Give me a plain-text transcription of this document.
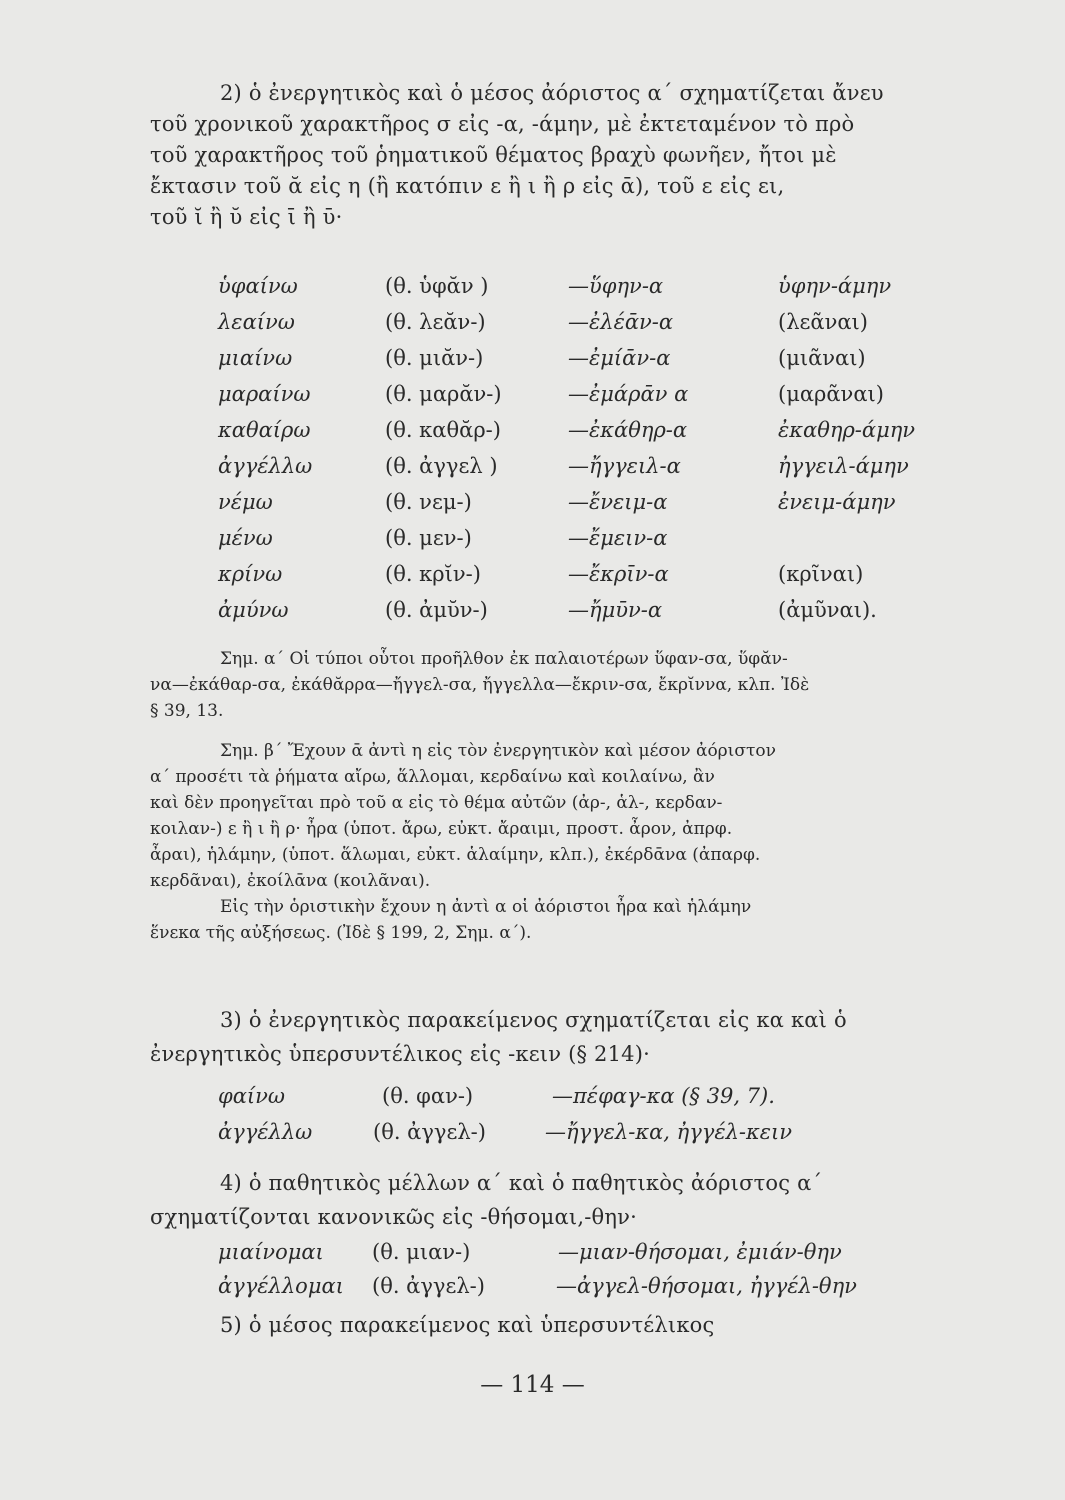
2) ὁ ἐνεργητικὸς καὶ ὁ μέσος ἀόριστος α΄ σχηματίζεται ἄνευ

τοῦ χρονικοῦ χαρακτῆρος σ εἰς -α, -άμην, μὲ ἐκτεταμένον τὸ πρὸ

τοῦ χαρακτῆρος τοῦ ῥηματικοῦ θέματος βραχὺ φωνῆεν, ἤτοι μὲ

ἔκτασιν τοῦ ᾰ εἰς η (ἢ κατόπιν ε ἢ ι ἢ ρ εἰς ᾱ), τοῦ ε εἰς ει,

τοῦ ῐ ἢ ῠ εἰς ῑ ἢ ῡ·

ὑφαίνω	(θ. ὑφᾰν )	—ὕφην-α	ὑφην-άμην
λεαίνω	(θ. λεᾰν-)	—ἐλέᾱν-α	(λεᾶναι)
μιαίνω	(θ. μιᾰν-)	—ἐμίᾱν-α	(μιᾶναι)
μαραίνω	(θ. μαρᾰν-)	—ἐμάρᾱν α	(μαρᾶναι)
καθαίρω	(θ. καθᾰρ-)	—ἐκάθηρ-α	ἐκαθηρ-άμην
ἀγγέλλω	(θ. ἀγγελ )	—ἤγγειλ-α	ἠγγειλ-άμην
νέμω	(θ. νεμ-)	—ἔνειμ-α	ἐνειμ-άμην
μένω	(θ. μεν-)	—ἔμειν-α
κρίνω	(θ. κρῐν-)	—ἔκρῑν-α	(κρῖναι)
ἀμύνω	(θ. ἀμῠν-)	—ἤμῡν-α	(ἀμῦναι).

Σημ. α΄ Οἱ τύποι οὗτοι προῆλθον ἐκ παλαιοτέρων ὕφαν-σα, ὕφᾰν-

να—ἐκάθαρ-σα, ἐκάθᾰρρα—ἤγγελ-σα, ἤγγελλα—ἔκριν-σα, ἔκρῐννα, κλπ. Ἰδὲ

§ 39, 13.

Σημ. β΄ Ἔχουν ᾱ ἀντὶ η εἰς τὸν ἐνεργητικὸν καὶ μέσον ἀόριστον

α΄ προσέτι τὰ ῥήματα αἴρω, ἅλλομαι, κερδαίνω καὶ κοιλαίνω, ἂν

καὶ δὲν προηγεῖται πρὸ τοῦ α εἰς τὸ θέμα αὐτῶν (ἀρ-, ἁλ-, κερδαν-

κοιλαν-) ε ἢ ι ἢ ρ· ἦρα (ὑποτ. ἄρω, εὐκτ. ἄραιμι, προστ. ἆρον, ἀπρφ.

ἆραι), ἡλάμην, (ὑποτ. ἅλωμαι, εὐκτ. ἁλαίμην, κλπ.), ἐκέρδᾱνα (ἀπαρφ.

κερδᾶναι), ἐκοίλᾱνα (κοιλᾶναι).

Εἰς τὴν ὁριστικὴν ἔχουν η ἀντὶ α οἱ ἀόριστοι ἦρα καὶ ἡλάμην

ἕνεκα τῆς αὐξήσεως. (Ἰδὲ § 199, 2, Σημ. α΄).

3) ὁ ἐνεργητικὸς παρακείμενος σχηματίζεται εἰς κα καὶ ὁ

ἐνεργητικὸς ὑπερσυντέλικος εἰς -κειν (§ 214)·

φαίνω	(θ. φαν-)	—πέφαγ-κα (§ 39, 7).
ἀγγέλλω	(θ. ἀγγελ-)	—ἤγγελ-κα, ἠγγέλ-κειν

4) ὁ παθητικὸς μέλλων α΄ καὶ ὁ παθητικὸς ἀόριστος α΄

σχηματίζονται κανονικῶς εἰς -θήσομαι,-θην·

μιαίνομαι (θ. μιαν-)	—μιαν-θήσομαι, ἐμιάν-θην
ἀγγέλλομαι (θ. ἀγγελ-)	—ἀγγελ-θήσομαι, ἠγγέλ-θην

5) ὁ μέσος παρακείμενος καὶ ὑπερσυντέλικος

— 114 —
